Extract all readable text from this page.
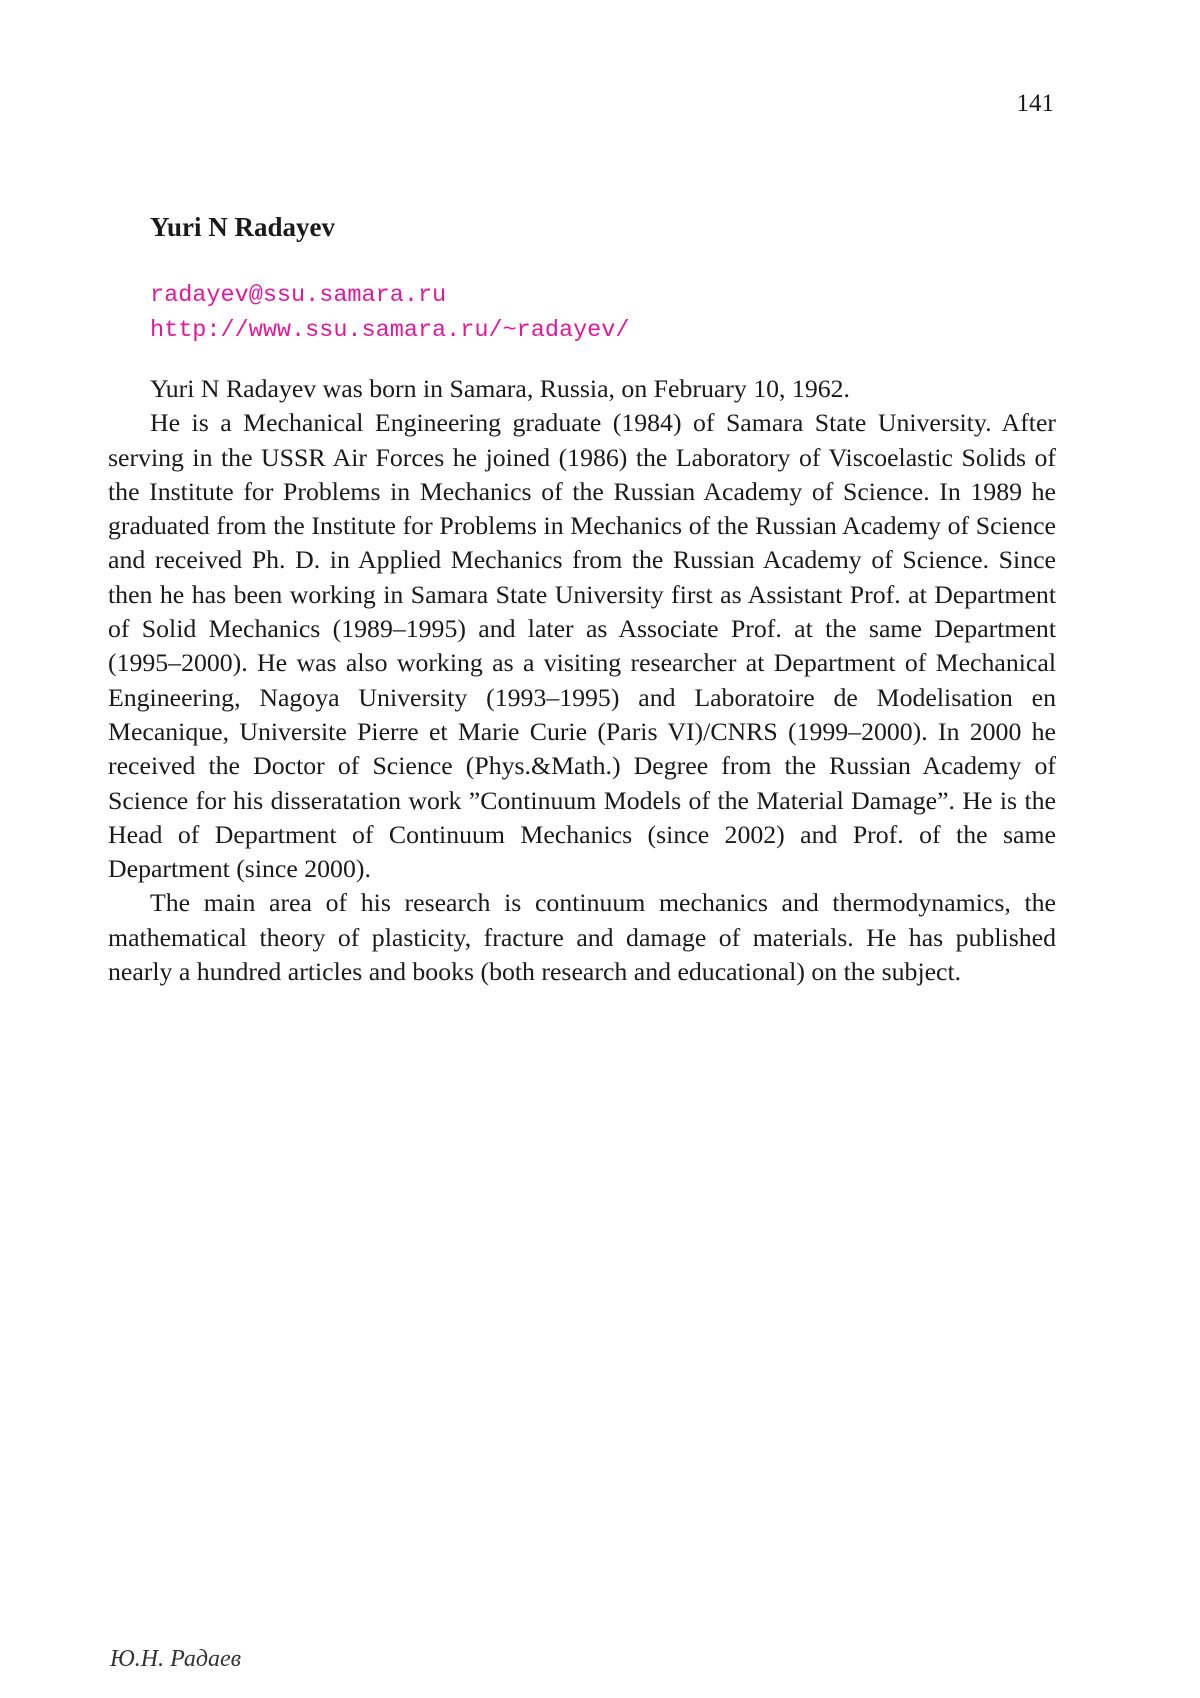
141
Yuri N Radayev
radayev@ssu.samara.ru
http://www.ssu.samara.ru/~radayev/

Yuri N Radayev was born in Samara, Russia, on February 10, 1962.

He is a Mechanical Engineering graduate (1984) of Samara State University. After serving in the USSR Air Forces he joined (1986) the Laboratory of Viscoelastic Solids of the Institute for Problems in Mechanics of the Russian Academy of Science. In 1989 he graduated from the Institute for Problems in Mechanics of the Russian Academy of Science and received Ph. D. in Applied Mechanics from the Russian Academy of Science. Since then he has been working in Samara State University first as Assistant Prof. at Department of Solid Mechanics (1989–1995) and later as Associate Prof. at the same Department (1995–2000). He was also working as a visiting researcher at Department of Mechanical Engineering, Nagoya University (1993–1995) and Laboratoire de Modelisation en Mecanique, Universite Pierre et Marie Curie (Paris VI)/CNRS (1999–2000). In 2000 he received the Doctor of Science (Phys.&Math.) Degree from the Russian Academy of Science for his disseratation work ”Continuum Models of the Material Damage”. He is the Head of Department of Continuum Mechanics (since 2002) and Prof. of the same Department (since 2000).

The main area of his research is continuum mechanics and thermodynamics, the mathematical theory of plasticity, fracture and damage of materials. He has published nearly a hundred articles and books (both research and educational) on the subject.

Ю.Н. Радаев
